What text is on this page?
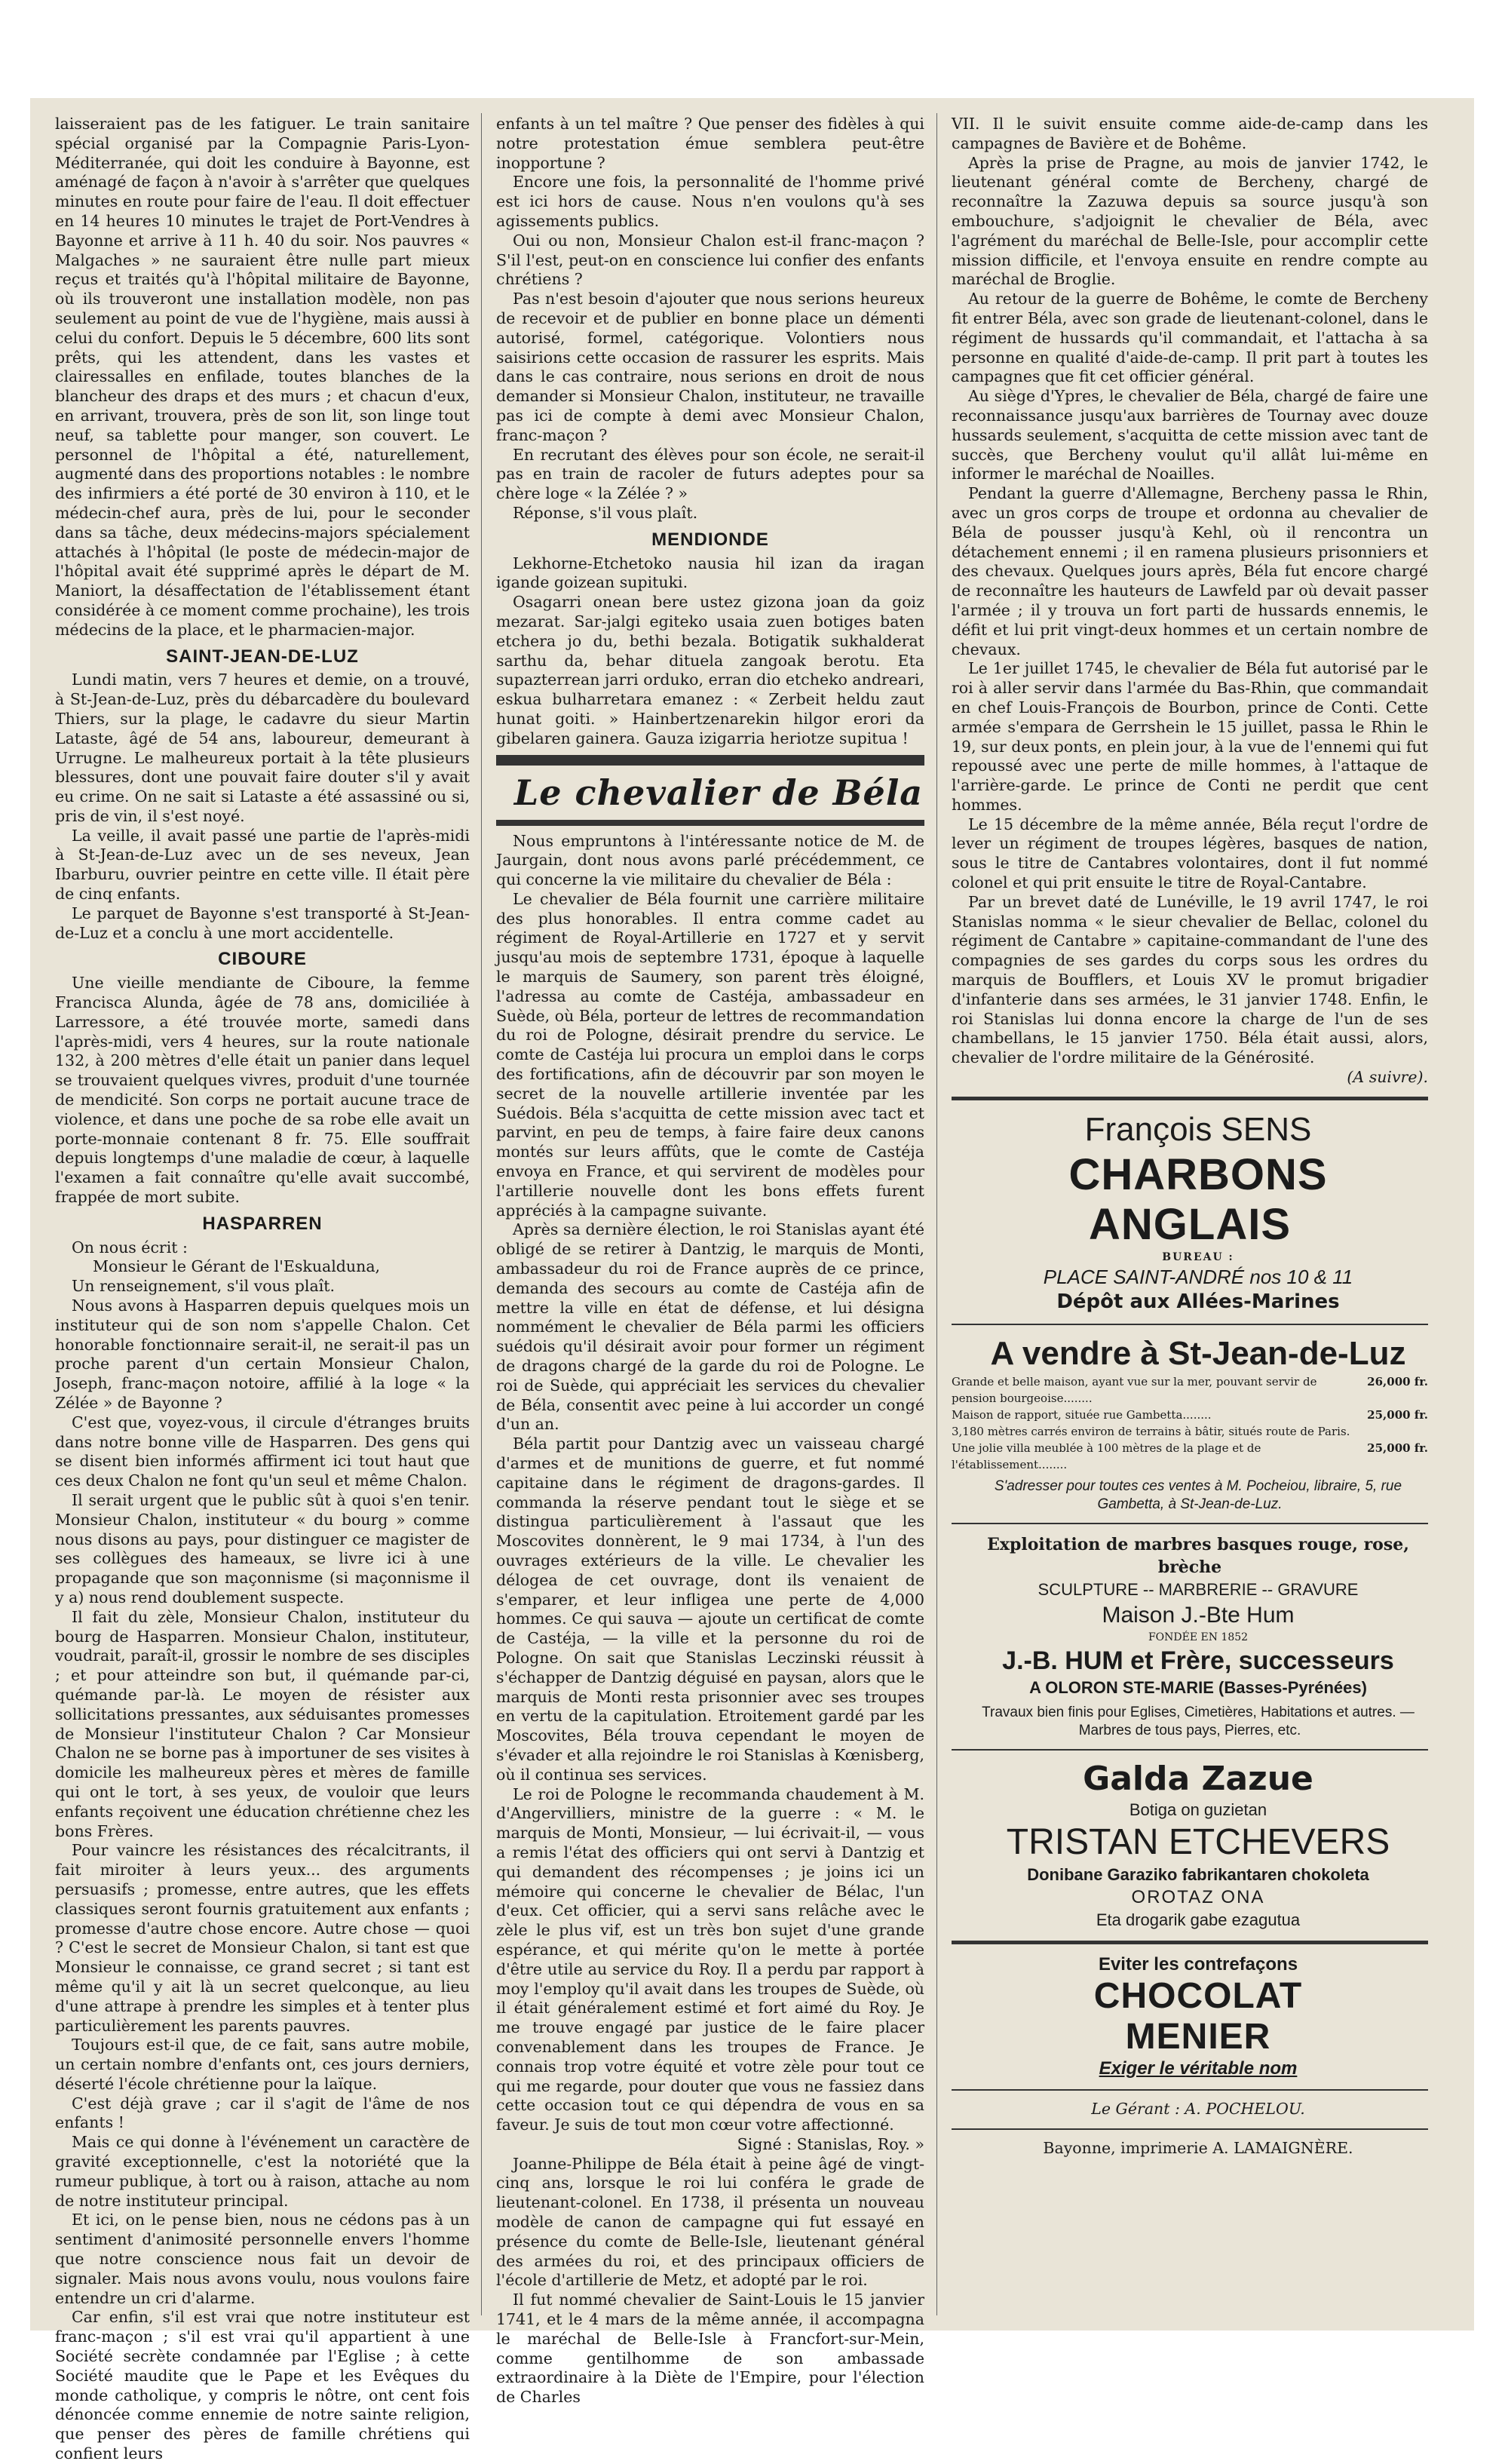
laisseraient pas de les fatiguer. Le train sanitaire spécial organisé par la Compagnie Paris-Lyon-Méditerranée, qui doit les conduire à Bayonne, est aménagé de façon à n'avoir à s'arrêter que quelques minutes en route pour faire de l'eau. Il doit effectuer en 14 heures 10 minutes le trajet de Port-Vendres à Bayonne et arrive à 11 h. 40 du soir. Nos pauvres « Malgaches » ne sauraient être nulle part mieux reçus et traités qu'à l'hôpital militaire de Bayonne, où ils trouveront une installation modèle, non pas seulement au point de vue de l'hygiène, mais aussi à celui du confort. Depuis le 5 décembre, 600 lits sont prêts, qui les attendent, dans les vastes et clairessalles en enfilade, toutes blanches de la blancheur des draps et des murs ; et chacun d'eux, en arrivant, trouvera, près de son lit, son linge tout neuf, sa tablette pour manger, son couvert. Le personnel de l'hôpital a été, naturellement, augmenté dans des proportions notables : le nombre des infirmiers a été porté de 30 environ à 110, et le médecin-chef aura, près de lui, pour le seconder dans sa tâche, deux médecins-majors spécialement attachés à l'hôpital (le poste de médecin-major de l'hôpital avait été supprimé après le départ de M. Maniort, la désaffectation de l'établissement étant considérée à ce moment comme prochaine), les trois médecins de la place, et le pharmacien-major.

SAINT-JEAN-DE-LUZ

Lundi matin, vers 7 heures et demie, on a trouvé, à St-Jean-de-Luz, près du débarcadère du boulevard Thiers, sur la plage, le cadavre du sieur Martin Lataste, âgé de 54 ans, laboureur, demeurant à Urrugne. Le malheureux portait à la tête plusieurs blessures, dont une pouvait faire douter s'il y avait eu crime. On ne sait si Lataste a été assassiné ou si, pris de vin, il s'est noyé.

La veille, il avait passé une partie de l'après-midi à St-Jean-de-Luz avec un de ses neveux, Jean Ibarburu, ouvrier peintre en cette ville. Il était père de cinq enfants.

Le parquet de Bayonne s'est transporté à St-Jean-de-Luz et a conclu à une mort accidentelle.

CIBOURE

Une vieille mendiante de Ciboure, la femme Francisca Alunda, âgée de 78 ans, domiciliée à Larressore, a été trouvée morte, samedi dans l'après-midi, vers 4 heures, sur la route nationale 132, à 200 mètres d'elle était un panier dans lequel se trouvaient quelques vivres, produit d'une tournée de mendicité. Son corps ne portait aucune trace de violence, et dans une poche de sa robe elle avait un porte-monnaie contenant 8 fr. 75. Elle souffrait depuis longtemps d'une maladie de cœur, à laquelle l'examen a fait connaître qu'elle avait succombé, frappée de mort subite.

HASPARREN

On nous écrit :

Monsieur le Gérant de l'Eskualduna,

Un renseignement, s'il vous plaît.

Nous avons à Hasparren depuis quelques mois un instituteur qui de son nom s'appelle Chalon. Cet honorable fonctionnaire serait-il, ne serait-il pas un proche parent d'un certain Monsieur Chalon, Joseph, franc-maçon notoire, affilié à la loge « la Zélée » de Bayonne ?

C'est que, voyez-vous, il circule d'étranges bruits dans notre bonne ville de Hasparren. Des gens qui se disent bien informés affirment ici tout haut que ces deux Chalon ne font qu'un seul et même Chalon.

Il serait urgent que le public sût à quoi s'en tenir. Monsieur Chalon, instituteur « du bourg » comme nous disons au pays, pour distinguer ce magister de ses collègues des hameaux, se livre ici à une propagande que son maçonnisme (si maçonnisme il y a) nous rend doublement suspecte.

Il fait du zèle, Monsieur Chalon, instituteur du bourg de Hasparren. Monsieur Chalon, instituteur, voudrait, paraît-il, grossir le nombre de ses disciples ; et pour atteindre son but, il quémande par-ci, quémande par-là. Le moyen de résister aux sollicitations pressantes, aux séduisantes promesses de Monsieur l'instituteur Chalon ? Car Monsieur Chalon ne se borne pas à importuner de ses visites à domicile les malheureux pères et mères de famille qui ont le tort, à ses yeux, de vouloir que leurs enfants reçoivent une éducation chrétienne chez les bons Frères.

Pour vaincre les résistances des récalcitrants, il fait miroiter à leurs yeux... des arguments persuasifs ; promesse, entre autres, que les effets classiques seront fournis gratuitement aux enfants ; promesse d'autre chose encore. Autre chose — quoi ? C'est le secret de Monsieur Chalon, si tant est que Monsieur le connaisse, ce grand secret ; si tant est même qu'il y ait là un secret quelconque, au lieu d'une attrape à prendre les simples et à tenter plus particulièrement les parents pauvres.

Toujours est-il que, de ce fait, sans autre mobile, un certain nombre d'enfants ont, ces jours derniers, déserté l'école chrétienne pour la laïque.

C'est déjà grave ; car il s'agit de l'âme de nos enfants !

Mais ce qui donne à l'événement un caractère de gravité exceptionnelle, c'est la notoriété que la rumeur publique, à tort ou à raison, attache au nom de notre instituteur principal.

Et ici, on le pense bien, nous ne cédons pas à un sentiment d'animosité personnelle envers l'homme que notre conscience nous fait un devoir de signaler. Mais nous avons voulu, nous voulons faire entendre un cri d'alarme.

Car enfin, s'il est vrai que notre instituteur est franc-maçon ; s'il est vrai qu'il appartient à une Société secrète condamnée par l'Eglise ; à cette Société maudite que le Pape et les Evêques du monde catholique, y compris le nôtre, ont cent fois dénoncée comme ennemie de notre sainte religion, que penser des pères de famille chrétiens qui confient leurs

enfants à un tel maître ? Que penser des fidèles à qui notre protestation émue semblera peut-être inopportune ?

Encore une fois, la personnalité de l'homme privé est ici hors de cause. Nous n'en voulons qu'à ses agissements publics.

Oui ou non, Monsieur Chalon est-il franc-maçon ? S'il l'est, peut-on en conscience lui confier des enfants chrétiens ?

Pas n'est besoin d'ajouter que nous serions heureux de recevoir et de publier en bonne place un démenti autorisé, formel, catégorique. Volontiers nous saisirions cette occasion de rassurer les esprits. Mais dans le cas contraire, nous serions en droit de nous demander si Monsieur Chalon, instituteur, ne travaille pas ici de compte à demi avec Monsieur Chalon, franc-maçon ?

En recrutant des élèves pour son école, ne serait-il pas en train de racoler de futurs adeptes pour sa chère loge « la Zélée ? »

Réponse, s'il vous plaît.

MENDIONDE

Lekhorne-Etchetoko nausia hil izan da iragan igande goizean supituki.

Osagarri onean bere ustez gizona joan da goiz mezarat. Sar-jalgi egiteko usaia zuen botiges baten etchera jo du, bethi bezala. Botigatik sukhalderat sarthu da, behar dituela zangoak berotu. Eta supazterrean jarri orduko, erran dio etcheko andreari, eskua bulharretara emanez : « Zerbeit heldu zaut hunat goiti. » Hainbertzenarekin hilgor erori da gibelaren gainera. Gauza izigarria heriotze supitua !

Le chevalier de Béla

Nous empruntons à l'intéressante notice de M. de Jaurgain, dont nous avons parlé précédemment, ce qui concerne la vie militaire du chevalier de Béla :

Le chevalier de Béla fournit une carrière militaire des plus honorables. Il entra comme cadet au régiment de Royal-Artillerie en 1727 et y servit jusqu'au mois de septembre 1731, époque à laquelle le marquis de Saumery, son parent très éloigné, l'adressa au comte de Castéja, ambassadeur en Suède, où Béla, porteur de lettres de recommandation du roi de Pologne, désirait prendre du service. Le comte de Castéja lui procura un emploi dans le corps des fortifications, afin de découvrir par son moyen le secret de la nouvelle artillerie inventée par les Suédois. Béla s'acquitta de cette mission avec tact et parvint, en peu de temps, à faire faire deux canons montés sur leurs affûts, que le comte de Castéja envoya en France, et qui servirent de modèles pour l'artillerie nouvelle dont les bons effets furent appréciés à la campagne suivante.

Après sa dernière élection, le roi Stanislas ayant été obligé de se retirer à Dantzig, le marquis de Monti, ambassadeur du roi de France auprès de ce prince, demanda des secours au comte de Castéja afin de mettre la ville en état de défense, et lui désigna nommément le chevalier de Béla parmi les officiers suédois qu'il désirait avoir pour former un régiment de dragons chargé de la garde du roi de Pologne. Le roi de Suède, qui appréciait les services du chevalier de Béla, consentit avec peine à lui accorder un congé d'un an.

Béla partit pour Dantzig avec un vaisseau chargé d'armes et de munitions de guerre, et fut nommé capitaine dans le régiment de dragons-gardes. Il commanda la réserve pendant tout le siège et se distingua particulièrement à l'assaut que les Moscovites donnèrent, le 9 mai 1734, à l'un des ouvrages extérieurs de la ville. Le chevalier les délogea de cet ouvrage, dont ils venaient de s'emparer, et leur infligea une perte de 4,000 hommes. Ce qui sauva — ajoute un certificat de comte de Castéja, — la ville et la personne du roi de Pologne. On sait que Stanislas Leczinski réussit à s'échapper de Dantzig déguisé en paysan, alors que le marquis de Monti resta prisonnier avec ses troupes en vertu de la capitulation. Etroitement gardé par les Moscovites, Béla trouva cependant le moyen de s'évader et alla rejoindre le roi Stanislas à Kœnisberg, où il continua ses services.

Le roi de Pologne le recommanda chaudement à M. d'Angervilliers, ministre de la guerre : « M. le marquis de Monti, Monsieur, — lui écrivait-il, — vous a remis l'état des officiers qui ont servi à Dantzig et qui demandent des récompenses ; je joins ici un mémoire qui concerne le chevalier de Bélac, l'un d'eux. Cet officier, qui a servi sans relâche avec le zèle le plus vif, est un très bon sujet d'une grande espérance, et qui mérite qu'on le mette à portée d'être utile au service du Roy. Il a perdu par rapport à moy l'employ qu'il avait dans les troupes de Suède, où il était généralement estimé et fort aimé du Roy. Je me trouve engagé par justice de le faire placer convenablement dans les troupes de France. Je connais trop votre équité et votre zèle pour tout ce qui me regarde, pour douter que vous ne fassiez dans cette occasion tout ce qui dépendra de vous en sa faveur. Je suis de tout mon cœur votre affectionné.

Signé : Stanislas, Roy. »

Joanne-Philippe de Béla était à peine âgé de vingt-cinq ans, lorsque le roi lui conféra le grade de lieutenant-colonel. En 1738, il présenta un nouveau modèle de canon de campagne qui fut essayé en présence du comte de Belle-Isle, lieutenant général des armées du roi, et des principaux officiers de l'école d'artillerie de Metz, et adopté par le roi.

Il fut nommé chevalier de Saint-Louis le 15 janvier 1741, et le 4 mars de la même année, il accompagna le maréchal de Belle-Isle à Francfort-sur-Mein, comme gentilhomme de son ambassade extraordinaire à la Diète de l'Empire, pour l'élection de Charles

VII. Il le suivit ensuite comme aide-de-camp dans les campagnes de Bavière et de Bohême.

Après la prise de Pragne, au mois de janvier 1742, le lieutenant général comte de Bercheny, chargé de reconnaître la Zazuwa depuis sa source jusqu'à son embouchure, s'adjoignit le chevalier de Béla, avec l'agrément du maréchal de Belle-Isle, pour accomplir cette mission difficile, et l'envoya ensuite en rendre compte au maréchal de Broglie.

Au retour de la guerre de Bohême, le comte de Bercheny fit entrer Béla, avec son grade de lieutenant-colonel, dans le régiment de hussards qu'il commandait, et l'attacha à sa personne en qualité d'aide-de-camp. Il prit part à toutes les campagnes que fit cet officier général.

Au siège d'Ypres, le chevalier de Béla, chargé de faire une reconnaissance jusqu'aux barrières de Tournay avec douze hussards seulement, s'acquitta de cette mission avec tant de succès, que Bercheny voulut qu'il allât lui-même en informer le maréchal de Noailles.

Pendant la guerre d'Allemagne, Bercheny passa le Rhin, avec un gros corps de troupe et ordonna au chevalier de Béla de pousser jusqu'à Kehl, où il rencontra un détachement ennemi ; il en ramena plusieurs prisonniers et des chevaux. Quelques jours après, Béla fut encore chargé de reconnaître les hauteurs de Lawfeld par où devait passer l'armée ; il y trouva un fort parti de hussards ennemis, le défit et lui prit vingt-deux hommes et un certain nombre de chevaux.

Le 1er juillet 1745, le chevalier de Béla fut autorisé par le roi à aller servir dans l'armée du Bas-Rhin, que commandait en chef Louis-François de Bourbon, prince de Conti. Cette armée s'empara de Gerrshein le 15 juillet, passa le Rhin le 19, sur deux ponts, en plein jour, à la vue de l'ennemi qui fut repoussé avec une perte de mille hommes, à l'attaque de l'arrière-garde. Le prince de Conti ne perdit que cent hommes.

Le 15 décembre de la même année, Béla reçut l'ordre de lever un régiment de troupes légères, basques de nation, sous le titre de Cantabres volontaires, dont il fut nommé colonel et qui prit ensuite le titre de Royal-Cantabre.

Par un brevet daté de Lunéville, le 19 avril 1747, le roi Stanislas nomma « le sieur chevalier de Bellac, colonel du régiment de Cantabre » capitaine-commandant de l'une des compagnies de ses gardes du corps sous les ordres du marquis de Boufflers, et Louis XV le promut brigadier d'infanterie dans ses armées, le 31 janvier 1748. Enfin, le roi Stanislas lui donna encore la charge de l'un de ses chambellans, le 15 janvier 1750. Béla était aussi, alors, chevalier de l'ordre militaire de la Générosité.

(A suivre).

François SENS

CHARBONS ANGLAIS

BUREAU :

PLACE SAINT-ANDRÉ nos 10 & 11

Dépôt aux Allées-Marines

A vendre à St-Jean-de-Luz

Grande et belle maison, ayant vue sur la mer, pouvant servir de pension bourgeoise........
26,000 fr.
Maison de rapport, située rue Gambetta........	25,000 fr.
3,180 mètres carrés environ de terrains à bâtir, situés route de Paris.
Une jolie villa meublée à 100 mètres de la plage et de l'établissement........
25,000 fr.

S'adresser pour toutes ces ventes à M. Pocheiou, libraire, 5, rue Gambetta, à St-Jean-de-Luz.

Exploitation de marbres basques rouge, rose, brèche

SCULPTURE -- MARBRERIE -- GRAVURE

Maison J.-Bte Hum

FONDÉE EN 1852

J.-B. HUM et Frère, successeurs

A OLORON STE-MARIE (Basses-Pyrénées)

Travaux bien finis pour Eglises, Cimetières, Habitations et autres. — Marbres de tous pays, Pierres, etc.

Galda Zazue

Botiga on guzietan

TRISTAN ETCHEVERS

Donibane Garaziko fabrikantaren chokoleta

OROTAZ ONA

Eta drogarik gabe ezagutua

Eviter les contrefaçons

CHOCOLAT

MENIER

Exiger le véritable nom

Le Gérant : A. POCHELOU.

Bayonne, imprimerie A. LAMAIGNÈRE.
